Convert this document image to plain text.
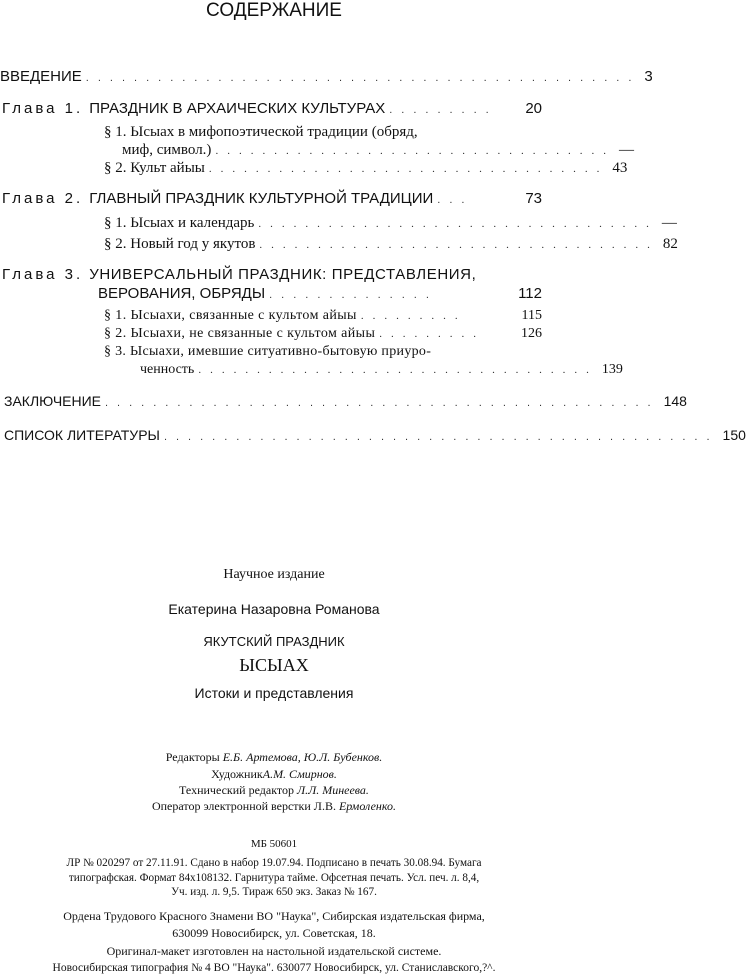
СОДЕРЖАНИЕ
ВВЕДЕНИЕ .............................................. 3
Глава 1. ПРАЗДНИК В АРХАИЧЕСКИХ КУЛЬТУРАХ .........	20
§ 1. Ысыах в мифопоэтической традиции (обряд,
миф, символ.) .................................. —
§ 2. Культ айыы .................................. 43
Глава 2. ГЛАВНЫЙ ПРАЗДНИК КУЛЬТУРНОЙ ТРАДИЦИИ ...	73
§ 1. Ысыах и календарь .................................. —
§ 2. Новый год у якутов .................................. 82
Глава 3. УНИВЕРСАЛЬНЫЙ ПРАЗДНИК: ПРЕДСТАВЛЕНИЯ,
ВЕРОВАНИЯ, ОБРЯДЫ ..............	112
§ 1. Ысыахи, связанные с культом айыы .........	115
§ 2. Ысыахи, не связанные с культом айыы .........	126
§ 3. Ысыахи, имевшие ситуативно-бытовую приуро-
ченность .................................. 139
ЗАКЛЮЧЕНИЕ .............................................. 148
СПИСОК ЛИТЕРАТУРЫ .............................................. 150
Научное издание
Екатерина Назаровна Романова
ЯКУТСКИЙ ПРАЗДНИК
ЫСЫАХ
Истоки и представления
Редакторы Е.Б. Артемова, Ю.Л. Бубенков.
ХудожникА.М. Смирнов.
Технический редактор Л.Л. Минеева.
Оператор электронной верстки Л.В. Ермоленко.
МБ 50601
ЛР № 020297 от 27.11.91. Сдано в набор 19.07.94. Подписано в печать 30.08.94. Бумага
типографская. Формат 84x108132. Гарнитура тайме. Офсетная печать. Усл. печ. л. 8,4,
Уч. изд. л. 9,5. Тираж 650 экз. Заказ № 167.
Ордена Трудового Красного Знамени ВО "Наука", Сибирская издательская фирма,
630099 Новосибирск, ул. Советская, 18.
Оригинал-макет изготовлен на настольной издательской системе.
Новосибирская типография № 4 ВО "Наука". 630077 Новосибирск, ул. Станиславского,?^.
